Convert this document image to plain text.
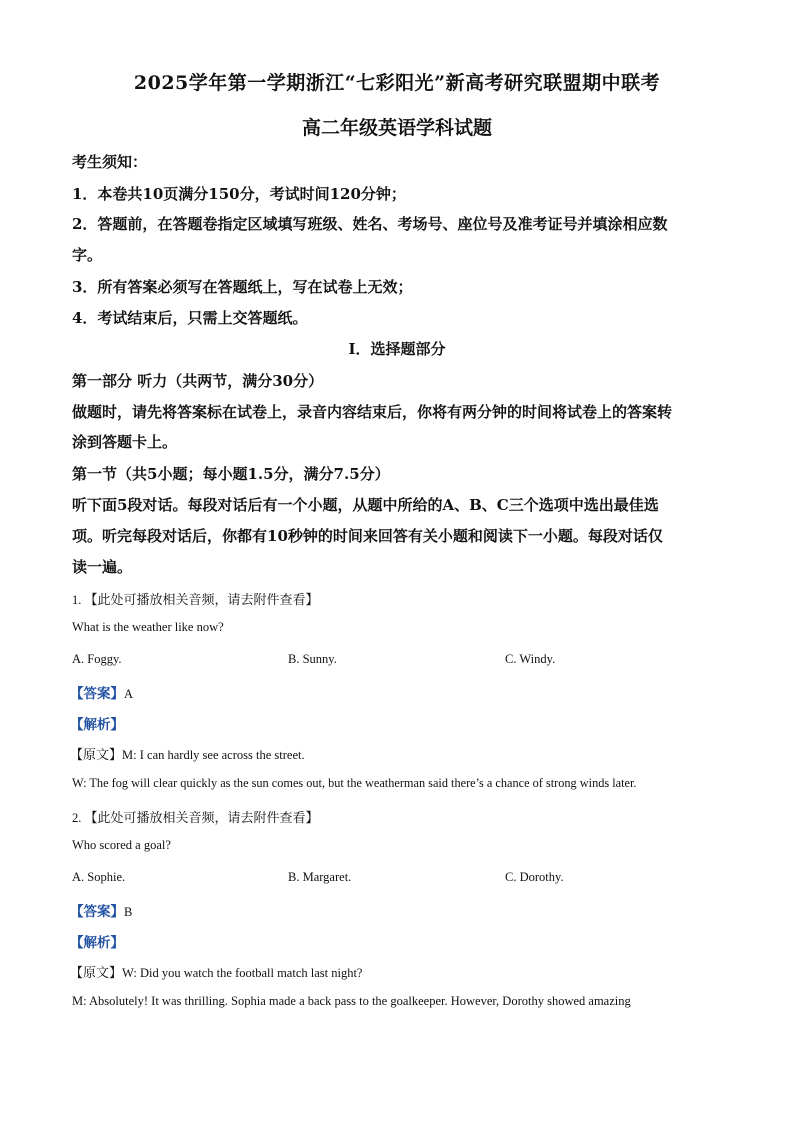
2025学年第一学期浙江“七彩阳光”新高考研究联盟期中联考
高二年级英语学科试题
考生须知：
1．本卷共10页满分150分，考试时间120分钟；
2．答题前，在答题卷指定区域填写班级、姓名、考场号、座位号及准考证号并填涂相应数
字。
3．所有答案必须写在答题纸上，写在试卷上无效；
4．考试结束后，只需上交答题纸。
Ⅰ．选择题部分
第一部分 听力（共两节，满分30分）
做题时，请先将答案标在试卷上，录音内容结束后，你将有两分钟的时间将试卷上的答案转
涂到答题卡上。
第一节（共5小题；每小题1.5分，满分7.5分）
听下面5段对话。每段对话后有一个小题，从题中所给的A、B、C三个选项中选出最佳选
项。听完每段对话后，你都有10秒钟的时间来回答有关小题和阅读下一小题。每段对话仅
读一遍。
1. 【此处可播放相关音频，请去附件查看】
What is the weather like now?
A. Foggy.	B. Sunny.	C. Windy.
【答案】A
【解析】
【原文】M: I can hardly see across the street.
W: The fog will clear quickly as the sun comes out, but the weatherman said there’s a chance of strong winds later.
2. 【此处可播放相关音频，请去附件查看】
Who scored a goal?
A. Sophie.	B. Margaret.	C. Dorothy.
【答案】B
【解析】
【原文】W: Did you watch the football match last night?
M: Absolutely! It was thrilling. Sophia made a back pass to the goalkeeper. However, Dorothy showed amazing
